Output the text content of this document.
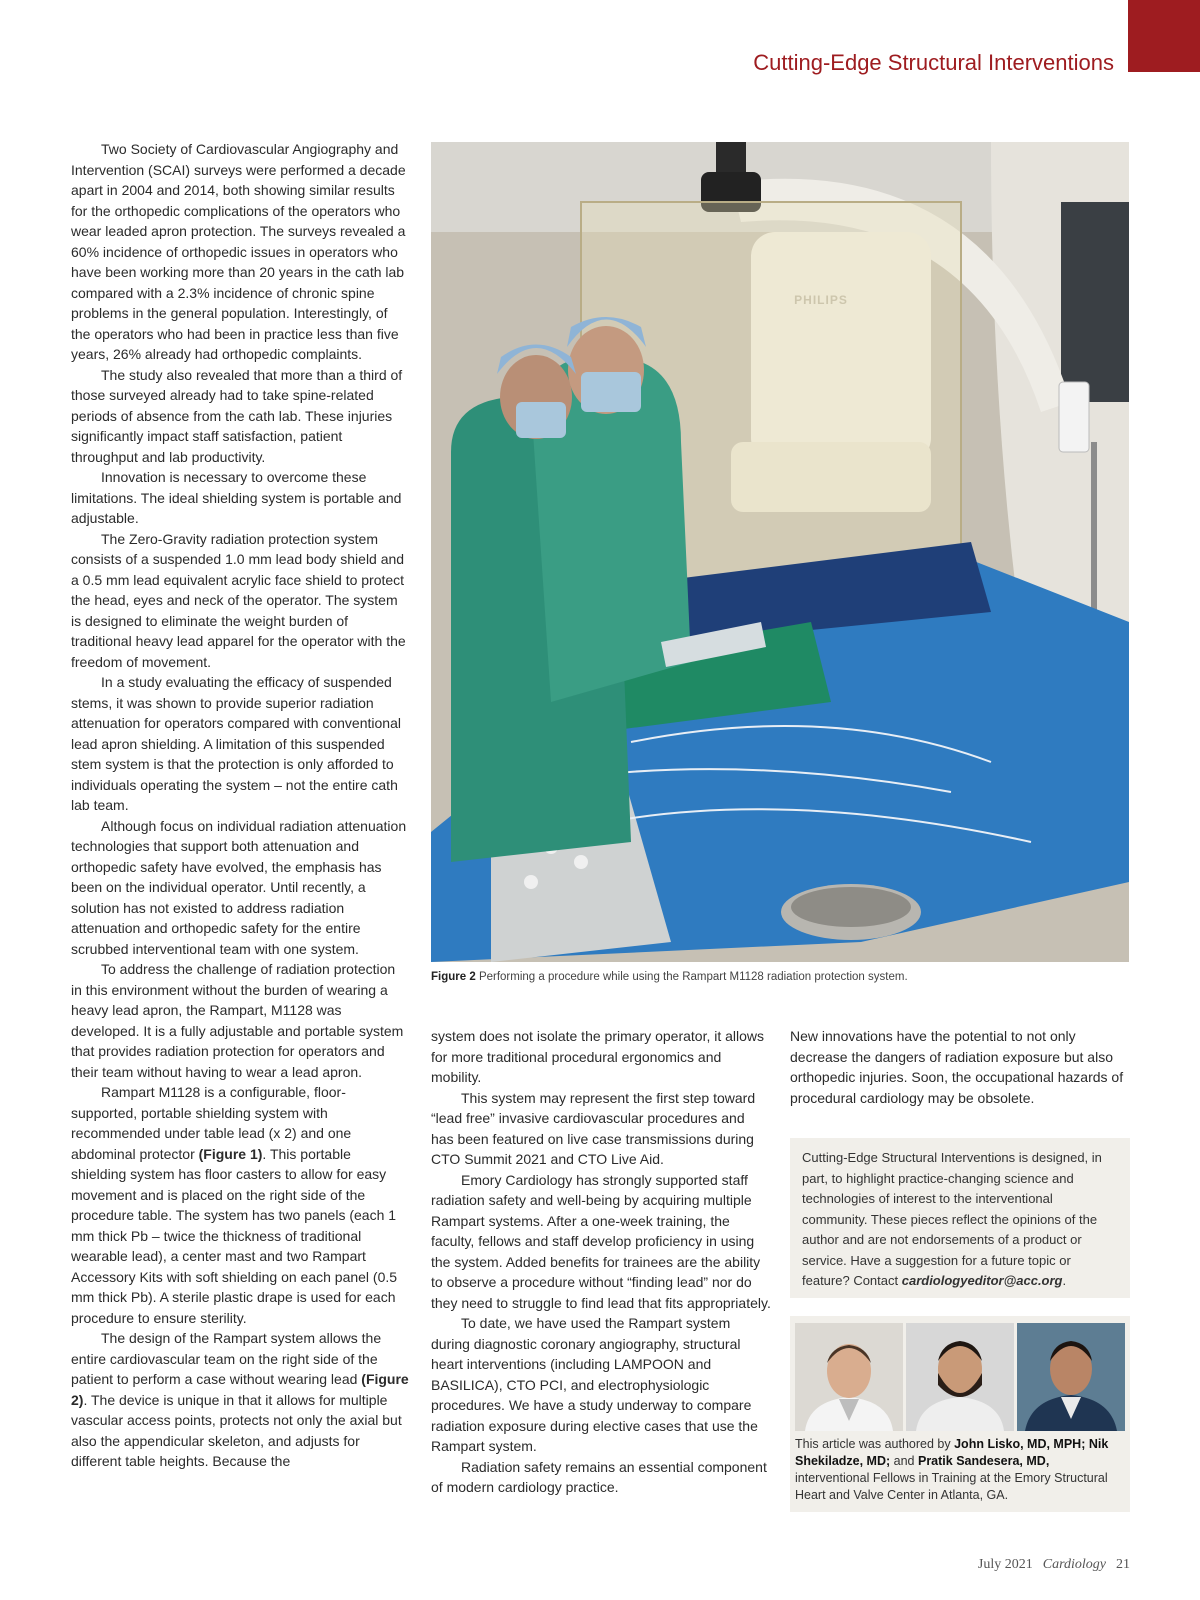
Cutting-Edge Structural Interventions

Two Society of Cardiovascular Angiography and Intervention (SCAI) surveys were performed a decade apart in 2004 and 2014, both showing similar results for the orthopedic complications of the operators who wear leaded apron protection. The surveys revealed a 60% incidence of orthopedic issues in operators who have been working more than 20 years in the cath lab compared with a 2.3% incidence of chronic spine problems in the general population. Interestingly, of the operators who had been in practice less than five years, 26% already had orthopedic complaints.

The study also revealed that more than a third of those surveyed already had to take spine-related periods of absence from the cath lab. These injuries significantly impact staff satisfaction, patient throughput and lab productivity.

Innovation is necessary to overcome these limitations. The ideal shielding system is portable and adjustable.

The Zero-Gravity radiation protection system consists of a suspended 1.0 mm lead body shield and a 0.5 mm lead equivalent acrylic face shield to protect the head, eyes and neck of the operator. The system is designed to eliminate the weight burden of traditional heavy lead apparel for the operator with the freedom of movement.

In a study evaluating the efficacy of suspended stems, it was shown to provide superior radiation attenuation for operators compared with conventional lead apron shielding. A limitation of this suspended stem system is that the protection is only afforded to individuals operating the system – not the entire cath lab team.

Although focus on individual radiation attenuation technologies that support both attenuation and orthopedic safety have evolved, the emphasis has been on the individual operator. Until recently, a solution has not existed to address radiation attenuation and orthopedic safety for the entire scrubbed interventional team with one system.

To address the challenge of radiation protection in this environment without the burden of wearing a heavy lead apron, the Rampart, M1128 was developed. It is a fully adjustable and portable system that provides radiation protection for operators and their team without having to wear a lead apron.

Rampart M1128 is a configurable, floor-supported, portable shielding system with recommended under table lead (x 2) and one abdominal protector (Figure 1). This portable shielding system has floor casters to allow for easy movement and is placed on the right side of the procedure table. The system has two panels (each 1 mm thick Pb – twice the thickness of traditional wearable lead), a center mast and two Rampart Accessory Kits with soft shielding on each panel (0.5 mm thick Pb). A sterile plastic drape is used for each procedure to ensure sterility.

The design of the Rampart system allows the entire cardiovascular team on the right side of the patient to perform a case without wearing lead (Figure 2). The device is unique in that it allows for multiple vascular access points, protects not only the axial but also the appendicular skeleton, and adjusts for different table heights. Because the

PHILIPS
Figure 2 Performing a procedure while using the Rampart M1128 radiation protection system.

system does not isolate the primary operator, it allows for more traditional procedural ergonomics and mobility.

This system may represent the first step toward “lead free” invasive cardiovascular procedures and has been featured on live case transmissions during CTO Summit 2021 and CTO Live Aid.

Emory Cardiology has strongly supported staff radiation safety and well-being by acquiring multiple Rampart systems. After a one-week training, the faculty, fellows and staff develop proficiency in using the system. Added benefits for trainees are the ability to observe a procedure without “finding lead” nor do they need to struggle to find lead that fits appropriately.

To date, we have used the Rampart system during diagnostic coronary angiography, structural heart interventions (including LAMPOON and BASILICA), CTO PCI, and electrophysiologic procedures. We have a study underway to compare radiation exposure during elective cases that use the Rampart system.

Radiation safety remains an essential component of modern cardiology practice.

New innovations have the potential to not only decrease the dangers of radiation exposure but also orthopedic injuries. Soon, the occupational hazards of procedural cardiology may be obsolete.

Cutting-Edge Structural Interventions is designed, in part, to highlight practice-changing science and technologies of interest to the interventional community. These pieces reflect the opinions of the author and are not endorsements of a product or service. Have a suggestion for a future topic or feature? Contact cardiologyeditor@acc.org.
This article was authored by John Lisko, MD, MPH; Nik Shekiladze, MD; and Pratik Sandesera, MD, interventional Fellows in Training at the Emory Structural Heart and Valve Center in Atlanta, GA.
July 2021 Cardiology 21
